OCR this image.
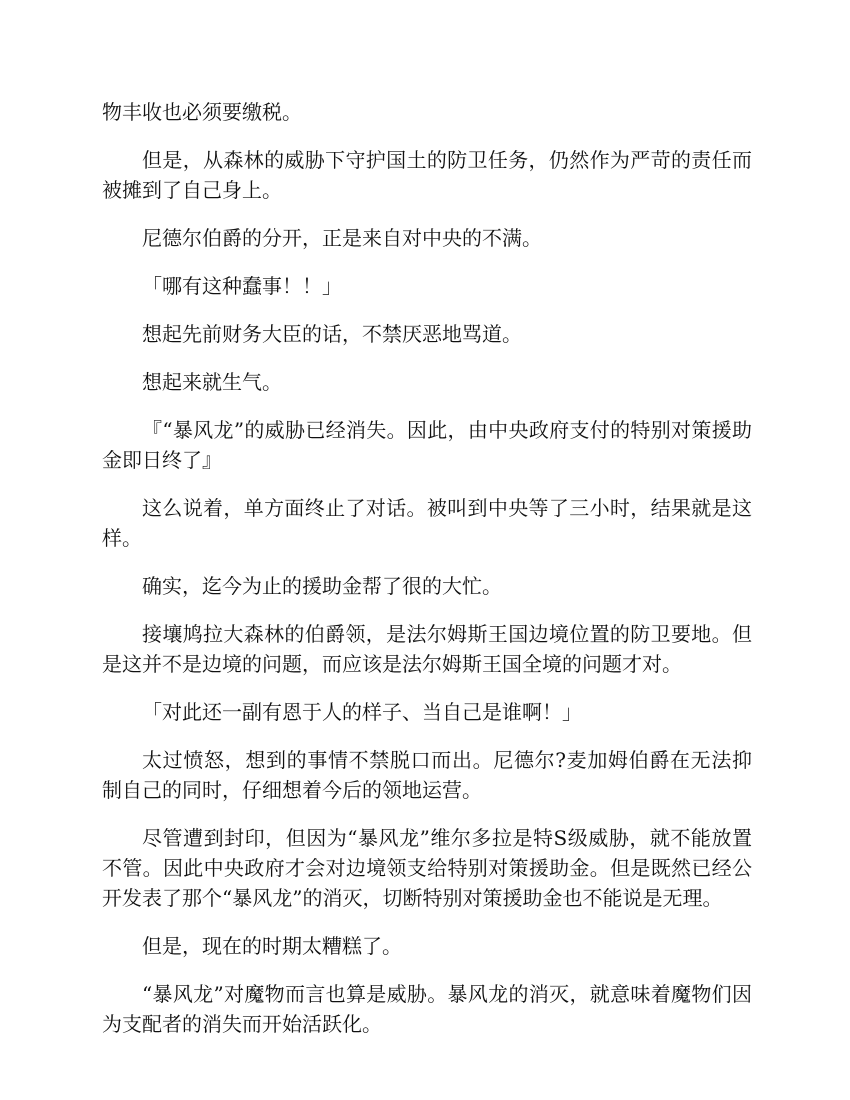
物丰收也必须要缴税。

但是，从森林的威胁下守护国土的防卫任务，仍然作为严苛的责任而被摊到了自己身上。

尼德尔伯爵的分开，正是来自对中央的不满。

「哪有这种蠢事！！」

想起先前财务大臣的话，不禁厌恶地骂道。

想起来就生气。

『“暴风龙”的威胁已经消失。因此，由中央政府支付的特别对策援助金即日终了』

这么说着，单方面终止了对话。被叫到中央等了三小时，结果就是这样。

确实，迄今为止的援助金帮了很的大忙。

接壤鸠拉大森林的伯爵领，是法尔姆斯王国边境位置的防卫要地。但是这并不是边境的问题，而应该是法尔姆斯王国全境的问题才对。

「对此还一副有恩于人的样子、当自己是谁啊！」

太过愤怒，想到的事情不禁脱口而出。尼德尔?麦加姆伯爵在无法抑制自己的同时，仔细想着今后的领地运营。

尽管遭到封印，但因为“暴风龙”维尔多拉是特S级威胁，就不能放置不管。因此中央政府才会对边境领支给特别对策援助金。但是既然已经公开发表了那个“暴风龙”的消灭，切断特别对策援助金也不能说是无理。

但是，现在的时期太糟糕了。

“暴风龙”对魔物而言也算是威胁。暴风龙的消灭，就意味着魔物们因为支配者的消失而开始活跃化。
